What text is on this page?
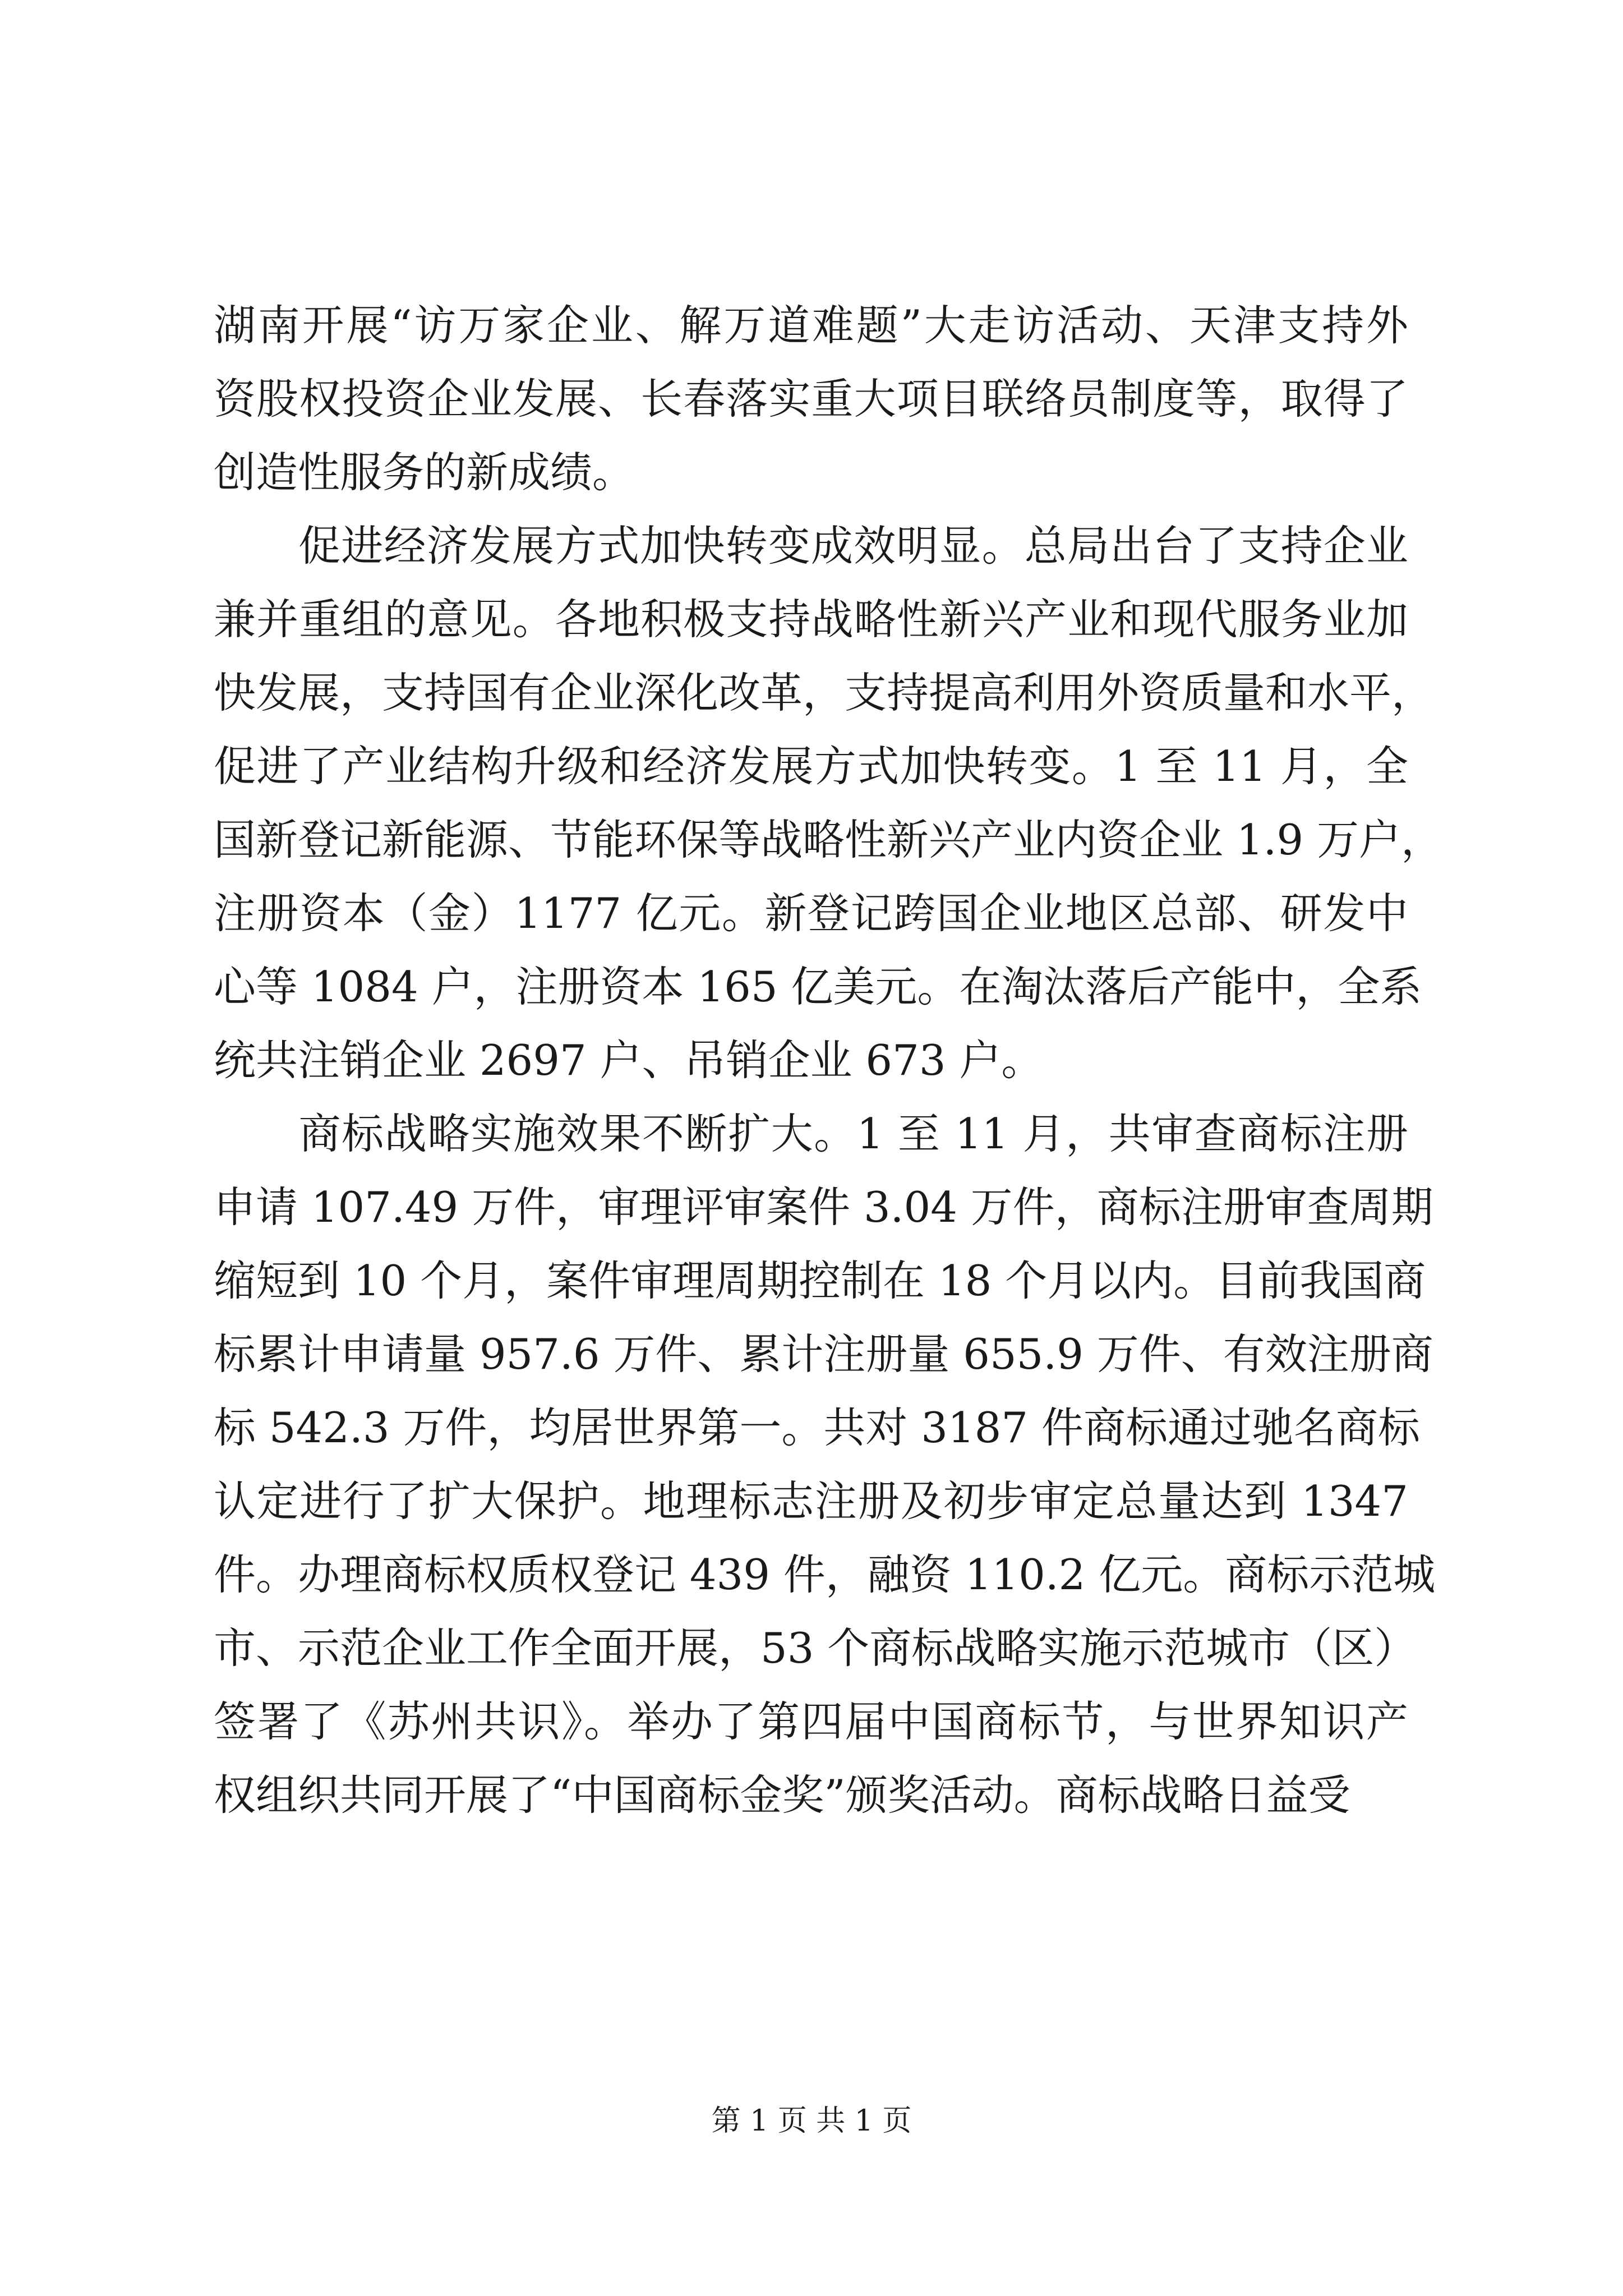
湖南开展“访万家企业、解万道难题”大走访活动、天津支持外
资股权投资企业发展、长春落实重大项目联络员制度等，取得了
创造性服务的新成绩。
促进经济发展方式加快转变成效明显。总局出台了支持企业
兼并重组的意见。各地积极支持战略性新兴产业和现代服务业加
快发展，支持国有企业深化改革，支持提高利用外资质量和水平，
促进了产业结构升级和经济发展方式加快转变。1 至 11 月，全
国新登记新能源、节能环保等战略性新兴产业内资企业 1.9 万户，
注册资本（金）1177 亿元。新登记跨国企业地区总部、研发中
心等 1084 户，注册资本 165 亿美元。在淘汰落后产能中，全系
统共注销企业 2697 户、吊销企业 673 户。
商标战略实施效果不断扩大。1 至 11 月，共审查商标注册
申请 107.49 万件，审理评审案件 3.04 万件，商标注册审查周期
缩短到 10 个月，案件审理周期控制在 18 个月以内。目前我国商
标累计申请量 957.6 万件、累计注册量 655.9 万件、有效注册商
标 542.3 万件，均居世界第一。共对 3187 件商标通过驰名商标
认定进行了扩大保护。地理标志注册及初步审定总量达到 1347
件。办理商标权质权登记 439 件，融资 110.2 亿元。商标示范城
市、示范企业工作全面开展，53 个商标战略实施示范城市（区）
签署了《苏州共识》。举办了第四届中国商标节，与世界知识产
权组织共同开展了“中国商标金奖”颁奖活动。商标战略日益受
第 1 页 共 1 页
